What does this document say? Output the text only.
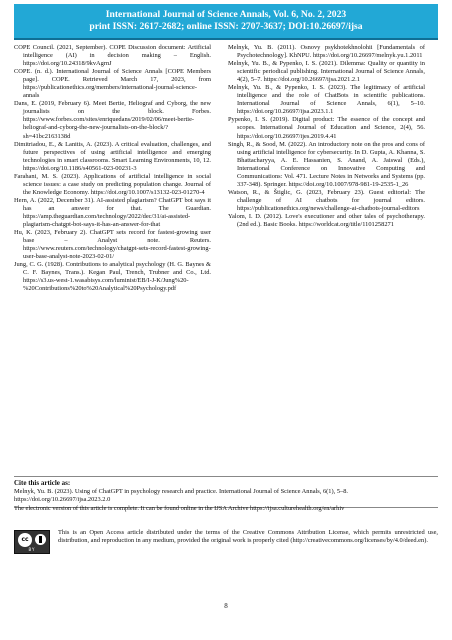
International Journal of Science Annals, Vol. 6, No. 2, 2023
print ISSN: 2617-2682; online ISSN: 2707-3637; DOI:10.26697/ijsa

COPE Council. (2021, September). COPE Discussion document: Artificial intelligence (AI) in decision making – English. https://doi.org/10.24318/9kvAgrnJ

COPE. (n. d.). International Journal of Science Annals [COPE Members page]. COPE. Retrieved March 17, 2023, from https://publicationethics.org/members/international-journal-science-annals

Dans, E. (2019, February 6). Meet Bertie, Heliograf and Cyborg, the new journalists on the block. Forbes. https://www.forbes.com/sites/enriquedans/2019/02/06/meet-bertie-heliograf-and-cyborg-the-new-journalists-on-the-block/?sh=41bc2163138d

Dimitriadou, E., & Lanitis, A. (2023). A critical evaluation, challenges, and future perspectives of using artificial intelligence and emerging technologies in smart classrooms. Smart Learning Environments, 10, 12. https://doi.org/10.1186/s40561-023-00231-3

Farahani, M. S. (2023). Applications of artificial intelligence in social science issues: a case study on predicting population change. Journal of the Knowledge Economy. https://doi.org/10.1007/s13132-023-01270-4

Hern, A. (2022, December 31). AI-assisted plagiarism? ChatGPT bot says it has an answer for that. The Guardian. https://amp.theguardian.com/technology/2022/dec/31/ai-assisted-plagiarism-chatgpt-bot-says-it-has-an-answer-for-that

Hu, K. (2023, February 2). ChatGPT sets record for fastest-growing user base – Analyst note. Reuters. https://www.reuters.com/technology/chatgpt-sets-record-fastest-growing-user-base-analyst-note-2023-02-01/

Jung, C. G. (1928). Contributions to analytical psychology (H. G. Baynes & C. F. Baynes, Trans.). Kegan Paul, Trench, Trubner and Co., Ltd. https://s3.us-west-1.wasabisys.com/luminist/EB/I-J-K/Jung%20-%20Contributions%20to%20Analytical%20Psychology.pdf

Melnyk, Yu. B. (2011). Osnovy psykhotekhnolohii [Fundamentals of Psychotechnology]. KhNPU. https://doi.org/10.26697/melnyk.yu.1.2011

Melnyk, Yu. B., & Pypenko, I. S. (2021). Dilemma: Quality or quantity in scientific periodical publishing. International Journal of Science Annals, 4(2), 5–7. https://doi.org/10.26697/ijsa.2021.2.1

Melnyk, Yu. B., & Pypenko, I. S. (2023). The legitimacy of artificial intelligence and the role of ChatBots in scientific publications. International Journal of Science Annals, 6(1), 5–10. https://doi.org/10.26697/ijsa.2023.1.1

Pypenko, I. S. (2019). Digital product: The essence of the concept and scopes. International Journal of Education and Science, 2(4), 56. https://doi.org/10.26697/ijes.2019.4.41

Singh, R., & Sood, M. (2022). An introductory note on the pros and cons of using artificial intelligence for cybersecurity. In D. Gupta, A. Khanna, S. Bhattacharyya, A. E. Hassanien, S. Anand, A. Jaiswal (Eds.), International Conference on Innovative Computing and Communications: Vol. 471. Lecture Notes in Networks and Systems (pp. 337-348). Springer. https://doi.org/10.1007/978-981-19-2535-1_26

Watson, R., & Štiglic, G. (2023, February 23). Guest editorial: The challenge of AI chatbots for journal editors. https://publicationethics.org/news/challenge-ai-chatbots-journal-editors

Yalom, I. D. (2012). Love's executioner and other tales of psychotherapy. (2nd ed.). Basic Books. https://worldcat.org/title/1101258271

Cite this article as:
Melnyk, Yu. B. (2023). Using of ChatGPT in psychology research and practice. International Journal of Science Annals, 6(1), 5–8. https://doi.org/10.26697/ijsa.2023.2.0
The electronic version of this article is complete. It can be found online in the IJSA Archive https://ijsa.culturehealth.org/en/arhiv
cc
BY
This is an Open Access article distributed under the terms of the Creative Commons Attribution License, which permits unrestricted use, distribution, and reproduction in any medium, provided the original work is properly cited (http://creativecommons.org/licenses/by/4.0/deed.en).
8
